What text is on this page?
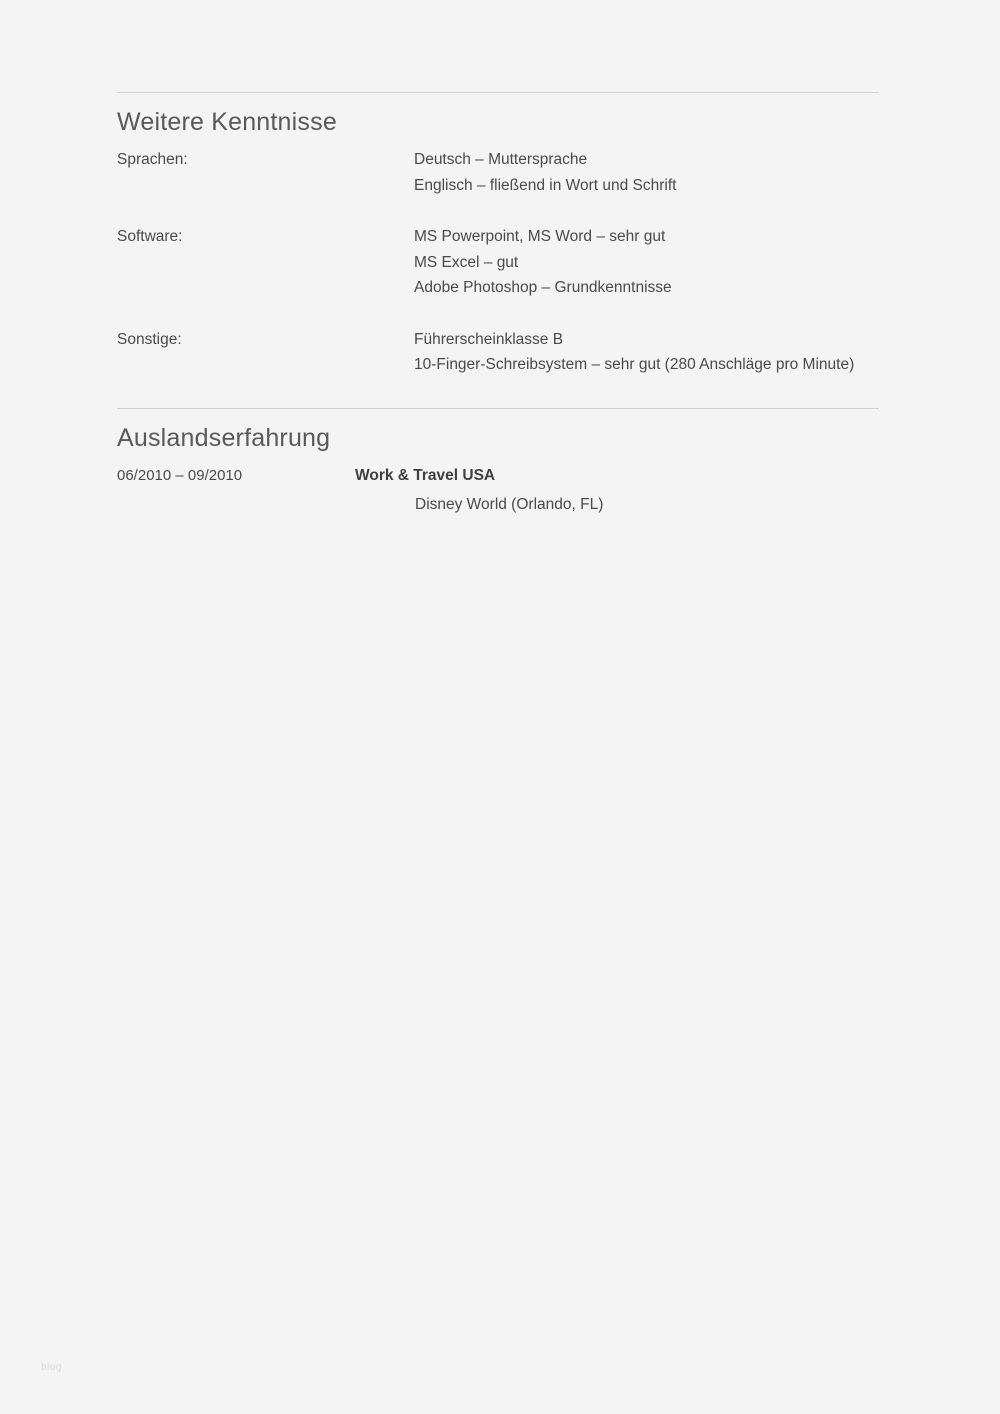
Weitere Kenntnisse
Sprachen:	Deutsch – Muttersprache
Englisch – fließend in Wort und Schrift
Software:	MS Powerpoint, MS Word – sehr gut
MS Excel – gut
Adobe Photoshop – Grundkenntnisse
Sonstige:	Führerscheinklasse B
10-Finger-Schreibsystem – sehr gut (280 Anschläge pro Minute)
Auslandserfahrung
06/2010 – 09/2010	Work & Travel USA
Disney World (Orlando, FL)
blog
